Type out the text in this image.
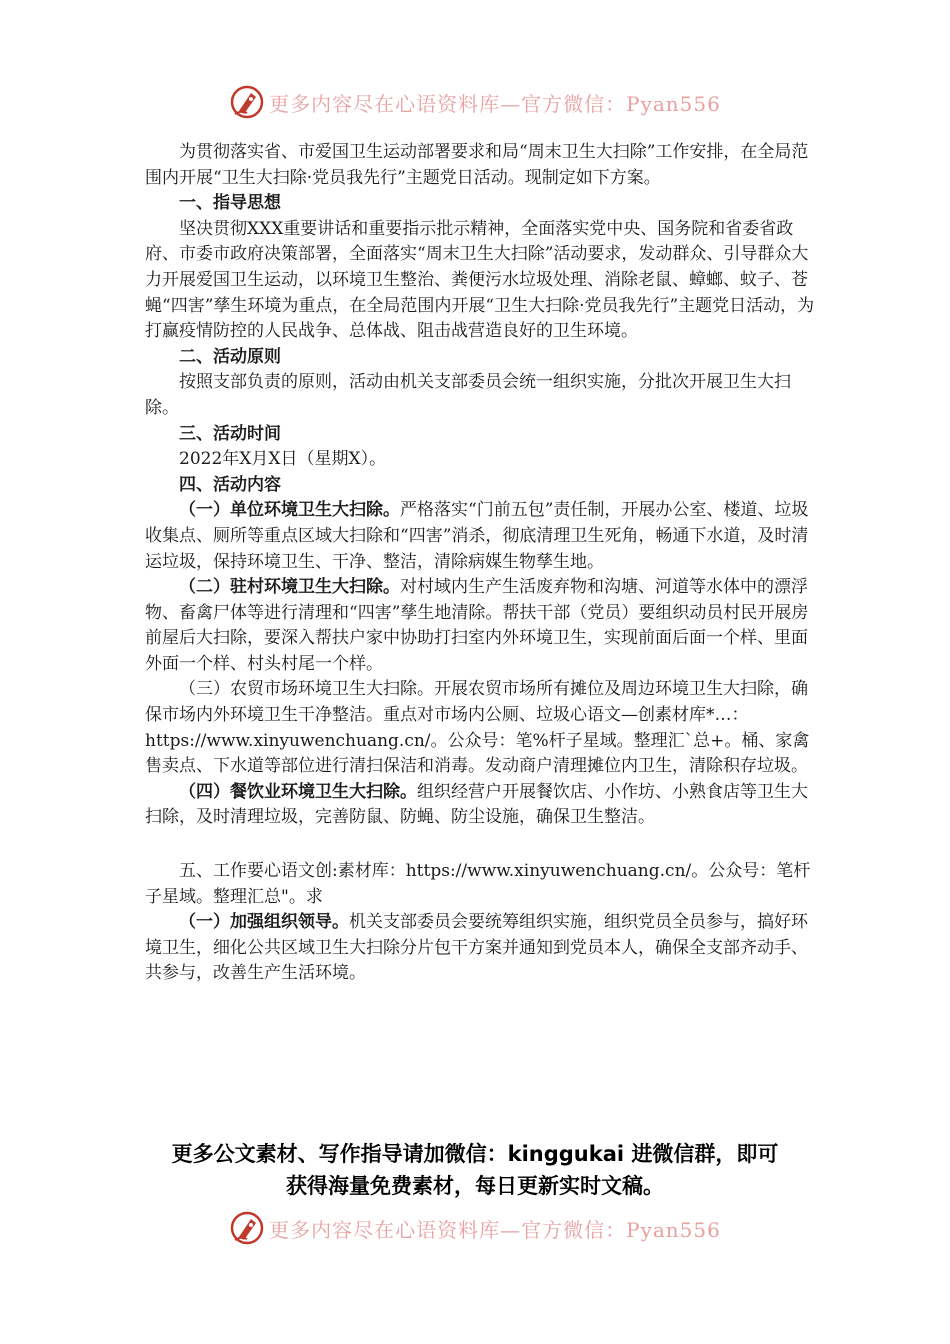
更多内容尽在心语资料库—官方微信：Pyan556

为贯彻落实省、市爱国卫生运动部署要求和局“周末卫生大扫除”工作安排，在全局范围内开展“卫生大扫除·党员我先行”主题党日活动。现制定如下方案。

一、指导思想

坚决贯彻XXX重要讲话和重要指示批示精神，全面落实党中央、国务院和省委省政府、市委市政府决策部署，全面落实“周末卫生大扫除”活动要求，发动群众、引导群众大力开展爱国卫生运动，以环境卫生整治、粪便污水垃圾处理、消除老鼠、蟑螂、蚊子、苍蝇“四害”孳生环境为重点，在全局范围内开展“卫生大扫除·党员我先行”主题党日活动，为打赢疫情防控的人民战争、总体战、阻击战营造良好的卫生环境。

二、活动原则

按照支部负责的原则，活动由机关支部委员会统一组织实施，分批次开展卫生大扫除。

三、活动时间

2022年X月X日（星期X）。

四、活动内容

（一）单位环境卫生大扫除。严格落实“门前五包”责任制，开展办公室、楼道、垃圾收集点、厕所等重点区域大扫除和“四害”消杀，彻底清理卫生死角，畅通下水道，及时清运垃圾，保持环境卫生、干净、整洁，清除病媒生物孳生地。

（二）驻村环境卫生大扫除。对村域内生产生活废弃物和沟塘、河道等水体中的漂浮物、畜禽尸体等进行清理和“四害”孳生地清除。帮扶干部（党员）要组织动员村民开展房前屋后大扫除，要深入帮扶户家中协助打扫室内外环境卫生，实现前面后面一个样、里面外面一个样、村头村尾一个样。

（三）农贸市场环境卫生大扫除。开展农贸市场所有摊位及周边环境卫生大扫除，确保市场内外环境卫生干净整洁。重点对市场内公厕、垃圾心语文—创素材库*…：https://www.xinyuwenchuang.cn/。公众号：笔%杆子星域。整理汇`总+。桶、家禽售卖点、下水道等部位进行清扫保洁和消毒。发动商户清理摊位内卫生，清除积存垃圾。

（四）餐饮业环境卫生大扫除。组织经营户开展餐饮店、小作坊、小熟食店等卫生大扫除，及时清理垃圾，完善防鼠、防蝇、防尘设施，确保卫生整洁。

五、工作要心语文创:素材库：https://www.xinyuwenchuang.cn/。公众号：笔杆子星域。整理汇总"。求

（一）加强组织领导。机关支部委员会要统筹组织实施，组织党员全员参与，搞好环境卫生，细化公共区域卫生大扫除分片包干方案并通知到党员本人，确保全支部齐动手、共参与，改善生产生活环境。

更多公文素材、写作指导请加微信：kinggukai 进微信群，即可
获得海量免费素材，每日更新实时文稿。
更多内容尽在心语资料库—官方微信：Pyan556
